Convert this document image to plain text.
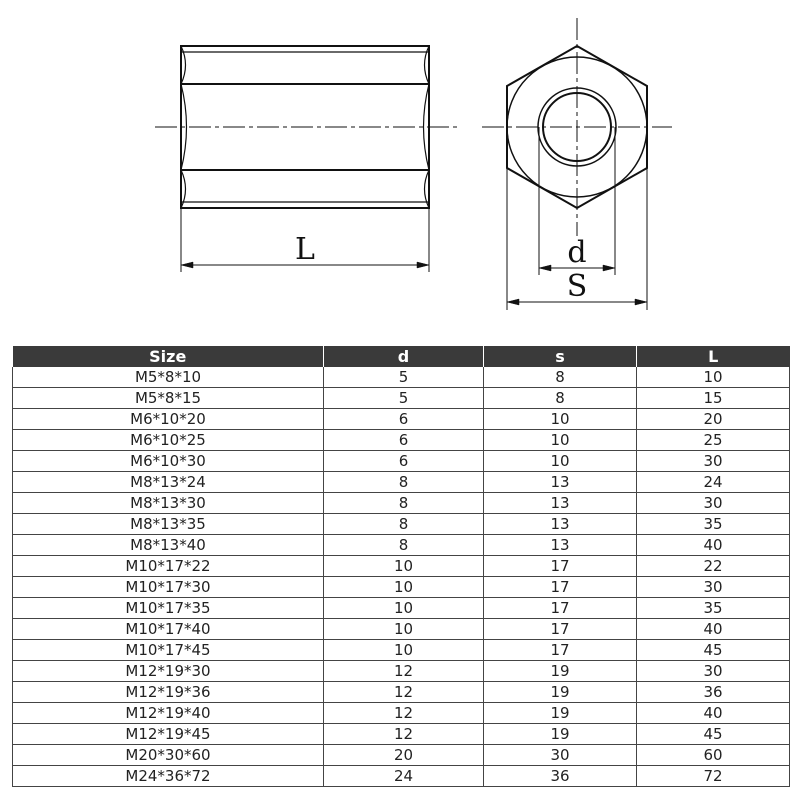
L	d
S
Size	d	s	L
M5*8*10	5	8	10
M5*8*15	5	8	15
M6*10*20	6	10	20
M6*10*25	6	10	25
M6*10*30	6	10	30
M8*13*24	8	13	24
M8*13*30	8	13	30
M8*13*35	8	13	35
M8*13*40	8	13	40
M10*17*22	10	17	22
M10*17*30	10	17	30
M10*17*35	10	17	35
M10*17*40	10	17	40
M10*17*45	10	17	45
M12*19*30	12	19	30
M12*19*36	12	19	36
M12*19*40	12	19	40
M12*19*45	12	19	45
M20*30*60	20	30	60
M24*36*72	24	36	72
